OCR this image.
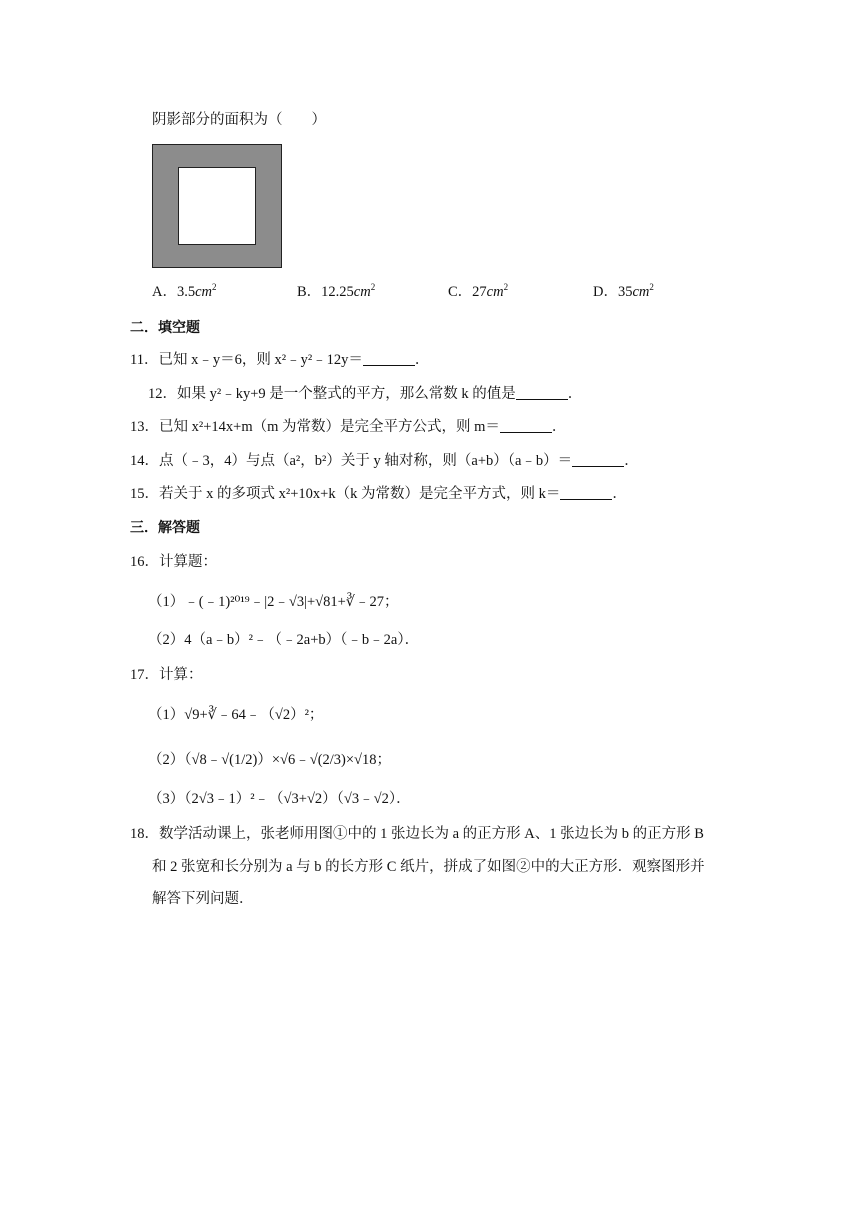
阴影部分的面积为（　　）
A．$3.5cm^2$	B．$12.25cm^2$	C．$27cm^2$	D．$35cm^2$
二．填空题
11．已知 x﹣y＝6，则 x²﹣y²﹣12y＝	．
12．如果 y²﹣ky+9 是一个整式的平方，那么常数 k 的值是	．
13．已知 x²+14x+m（m 为常数）是完全平方公式，则 m＝	．
14．点（﹣3，4）与点（a²，b²）关于 y 轴对称，则（a+b）（a﹣b）＝	．
15．若关于 x 的多项式 x²+10x+k（k 为常数）是完全平方式，则 k＝	．
三．解答题
16．计算题：
（1）﹣(﹣1)²⁰¹⁹﹣|2﹣√3|+√81+∛﹣27；
（2）4（a﹣b）²﹣（﹣2a+b）（﹣b﹣2a）．
17．计算：
（1）√9+∛﹣64﹣（√2）²；
（2）（√8﹣√(1/2)）×√6﹣√(2/3)×√18；
（3）（2√3﹣1）²﹣（√3+√2）（√3﹣√2）．
18．数学活动课上，张老师用图①中的 1 张边长为 a 的正方形 A、1 张边长为 b 的正方形 B
和 2 张宽和长分别为 a 与 b 的长方形 C 纸片，拼成了如图②中的大正方形．观察图形并
解答下列问题．
